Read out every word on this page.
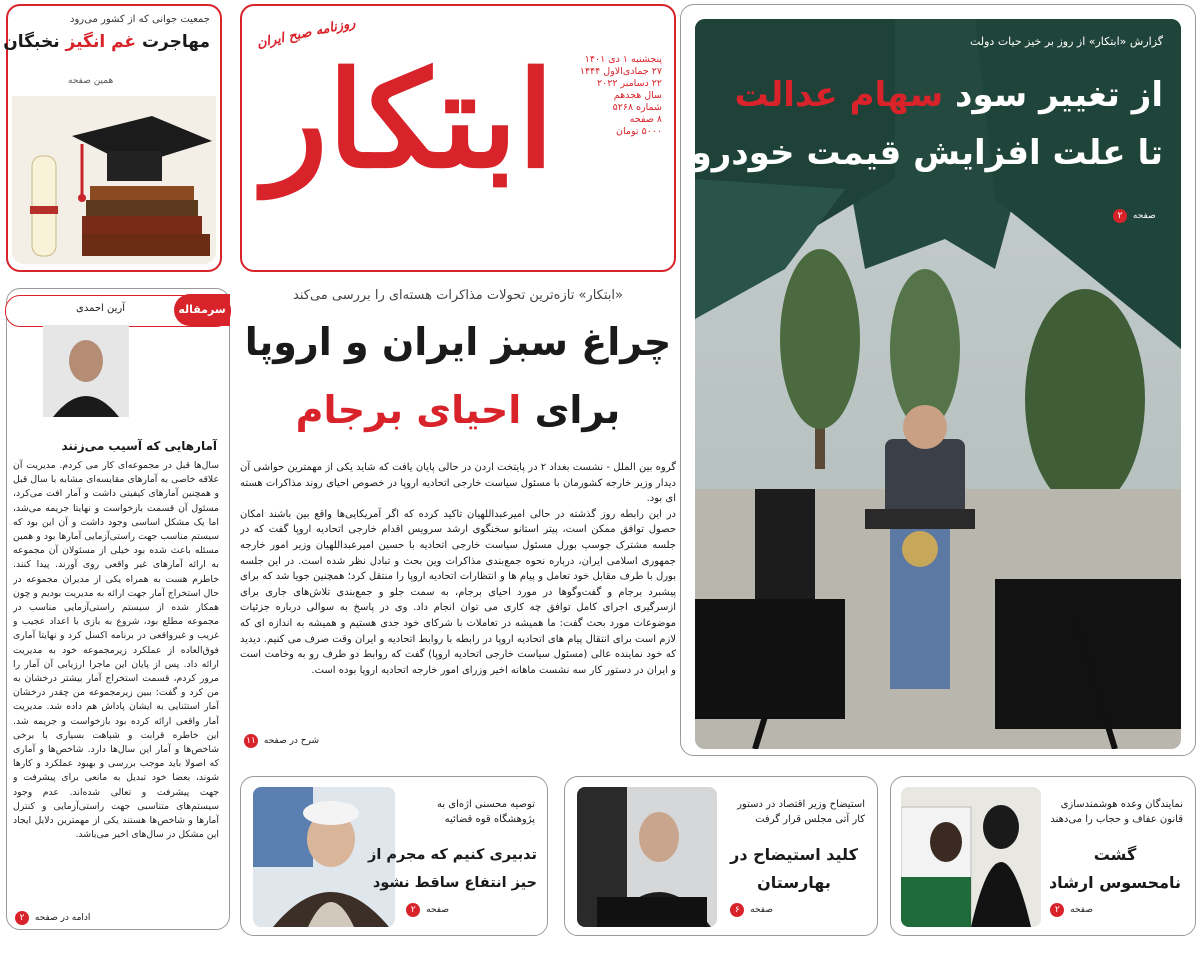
جمعیت جوانی که از کشور می‌رود
مهاجرت غم انگیز نخبگان
همین صفحه
پنجشنبه ۱ دی ۱۴۰۱
۲۷ جمادی‌الاول ۱۴۴۴
۲۲ دسامبر ۲۰۲۲
سال هجدهم
شماره ۵۲۶۸
۸ صفحه
۵۰۰۰ تومان
روزنامه صبح ایران
ابتکار
گزارش «ابتکار» از روز بر خیز حیات دولت
از تغییر سود سهام عدالت
تا علت افزایش قیمت خودرو
صفحه ۲
سرمقاله
آرین احمدی
آمارهایی که آسیب می‌زنند
سال‌ها قبل در مجموعه‌ای کار می کردم. مدیریت آن علاقه خاصی به آمارهای مقایسه‌ای مشابه با سال قبل و همچنین آمارهای کیفیتی داشت و آمار افت می‌کرد، مسئول آن قسمت بازخواست و نهایتا جریمه می‌شد، اما یک مشکل اساسی وجود داشت و آن این بود که سیستم مناسب جهت راستی‌آزمایی آمارها بود و همین مسئله باعث شده بود خیلی از مسئولان آن مجموعه به ارائه آمارهای غیر واقعی روی آورند. پیدا کنند. خاطرم هست به همراه یکی از مدیران مجموعه در حال استخراج آمار جهت ارائه به مدیریت بودیم و چون همکار شده از سیستم راستی‌آزمایی مناسب در مجموعه مطلع بود، شروع به بازی با اعداد عجیب و غریب و غیرواقعی در برنامه اکسل کرد و نهایتا آماری فوق‌العاده از عملکرد زیرمجموعه خود به مدیریت ارائه داد. پس از پایان این ماجرا ارزیابی آن آمار را مرور کردم، قسمت استخراج آمار بیشتر درخشان به من کرد و گفت: ببین زیرمجموعه من چقدر درخشان آمار استثنایی به ایشان پاداش هم داده شد. مدیریت آمار واقعی ارائه کرده بود بازخواست و جریمه شد. این خاطره قرابت و شباهت بسیاری با برخی شاخص‌ها و آمار این سال‌ها دارد. شاخص‌ها و آماری که اصولا باید موجب بررسی و بهبود عملکرد و کارها شوند، بعضا خود تبدیل به مانعی برای پیشرفت و جهت پیشرفت و تعالی شده‌اند. عدم وجود سیستم‌های متناسبی جهت راستی‌آزمایی و کنترل آمارها و شاخص‌ها هستند یکی از مهمترین دلایل ایجاد این مشکل در سال‌های اخیر می‌باشد.
ادامه در صفحه ۲
«ابتکار» تازه‌ترین تحولات مذاکرات هسته‌ای را بررسی می‌کند
چراغ سبز ایران و اروپا
برای احیای برجام

گروه بین الملل - نشست بغداد ۲ در پایتخت اردن در حالی پایان یافت که شاید یکی از مهمترین حواشی آن دیدار وزیر خارجه کشورمان با مسئول سیاست خارجی اتحادیه اروپا در خصوص احیای روند مذاکرات هسته ای بود.

در این رابطه روز گذشته در حالی امیرعبداللهیان تاکید کرده که اگر آمریکایی‌ها واقع بین باشند امکان حصول توافق ممکن است، پیتر استانو سخنگوی ارشد سرویس اقدام خارجی اتحادیه اروپا گفت که در جلسه مشترک جوسپ بورل مسئول سیاست خارجی اتحادیه با حسین امیرعبداللهیان وزیر امور خارجه جمهوری اسلامی ایران، درباره نحوه جمع‌بندی مذاکرات وین بحث و تبادل نظر شده است. در این جلسه بورل با طرف مقابل خود تعامل و پیام ها و انتظارات اتحادیه اروپا را منتقل کرد؛ همچنین جویا شد که برای پیشبرد برجام و گفت‌وگوها در مورد احیای برجام، به سمت جلو و جمع‌بندی تلاش‌های جاری برای ازسرگیری اجرای کامل توافق چه کاری می توان انجام داد. وی در پاسخ به سوالی درباره جزئیات موضوعات مورد بحث گفت: ما همیشه در تعاملات با شرکای خود جدی هستیم و همیشه به اندازه ای که لازم است برای انتقال پیام های اتحادیه اروپا در رابطه با روابط اتحادیه و ایران وقت صرف می کنیم. دیدید که خود نماینده عالی (مسئول سیاست خارجی اتحادیه اروپا) گفت که روابط دو طرف رو به وخامت است و ایران در دستور کار سه نشست ماهانه اخیر وزرای امور خارجه اتحادیه اروپا بوده است.

شرح در صفحه ۱۱
توصیه محسنی اژه‌ای به پژوهشگاه قوه قضائیه
تدبیری کنیم که مجرم از
حیز انتفاع ساقط نشود
صفحه ۲
استیضاح وزیر اقتصاد در دستور کار آتی مجلس قرار گرفت
کلید استیضاح در
بهارستان
صفحه ۶
نمایندگان وعده هوشمندسازی قانون عفاف و حجاب را می‌دهند
گشت
نامحسوس ارشاد
صفحه ۲
